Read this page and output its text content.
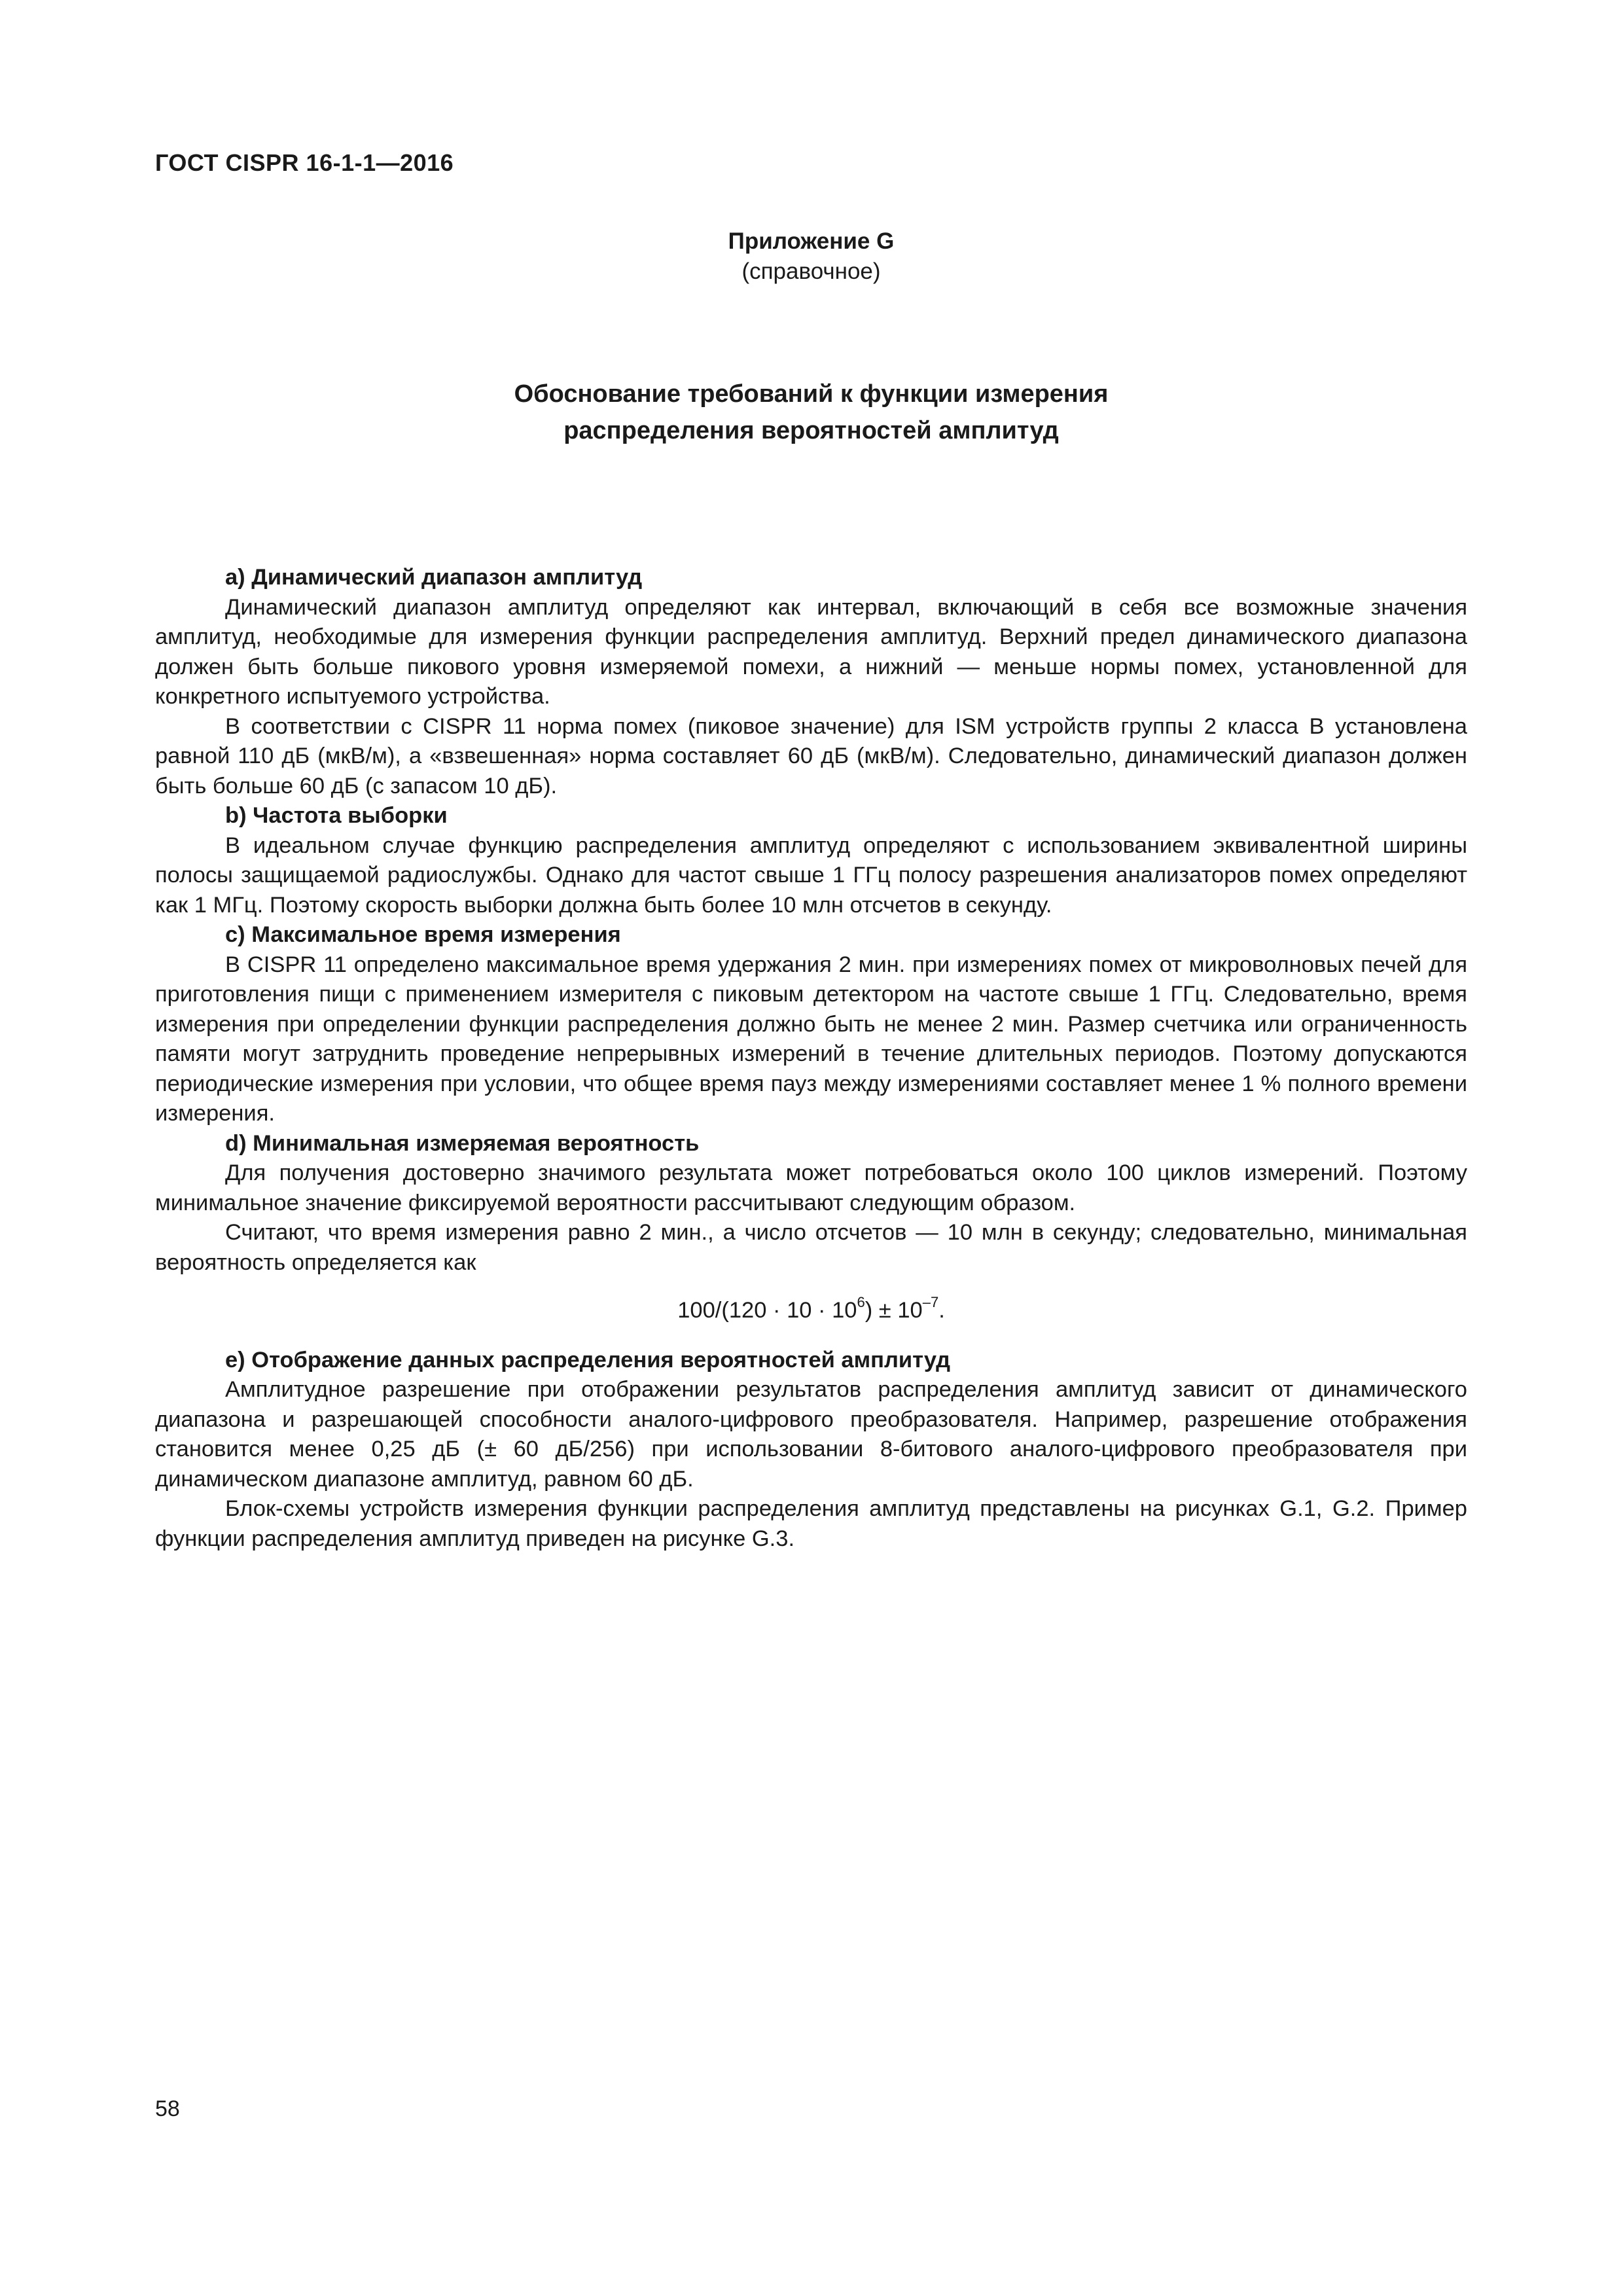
ГОСТ CISPR 16-1-1—2016

Приложение G
(справочное)
Обоснование требований к функции измерения
распределения вероятностей амплитуд
а) Динамический диапазон амплитуд

Динамический диапазон амплитуд определяют как интервал, включающий в себя все возможные значения амплитуд, необходимые для измерения функции распределения амплитуд. Верхний предел динамического диапазона должен быть больше пикового уровня измеряемой помехи, а нижний — меньше нормы помех, установленной для конкретного испытуемого устройства.

В соответствии с CISPR 11 норма помех (пиковое значение) для ISM устройств группы 2 класса В установлена равной 110 дБ (мкВ/м), а «взвешенная» норма составляет 60 дБ (мкВ/м). Следовательно, динамический диапазон должен быть больше 60 дБ (с запасом 10 дБ).

b) Частота выборки

В идеальном случае функцию распределения амплитуд определяют с использованием эквивалентной ширины полосы защищаемой радиослужбы. Однако для частот свыше 1 ГГц полосу разрешения анализаторов помех определяют как 1 МГц. Поэтому скорость выборки должна быть более 10 млн отсчетов в секунду.

с) Максимальное время измерения

В CISPR 11 определено максимальное время удержания 2 мин. при измерениях помех от микроволновых печей для приготовления пищи с применением измерителя с пиковым детектором на частоте свыше 1 ГГц. Следовательно, время измерения при определении функции распределения должно быть не менее 2 мин. Размер счетчика или ограниченность памяти могут затруднить проведение непрерывных измерений в течение длительных периодов. Поэтому допускаются периодические измерения при условии, что общее время пауз между измерениями составляет менее 1 % полного времени измерения.

d) Минимальная измеряемая вероятность

Для получения достоверно значимого результата может потребоваться около 100 циклов измерений. Поэтому минимальное значение фиксируемой вероятности рассчитывают следующим образом.

Считают, что время измерения равно 2 мин., а число отсчетов — 10 млн в секунду; следовательно, минимальная вероятность определяется как

$100/(120 \cdot 10 \cdot 10^6) \pm 10^{-7}$.
е) Отображение данных распределения вероятностей амплитуд

Амплитудное разрешение при отображении результатов распределения амплитуд зависит от динамического диапазона и разрешающей способности аналого-цифрового преобразователя. Например, разрешение отображения становится менее 0,25 дБ (± 60 дБ/256) при использовании 8-битового аналого-цифрового преобразователя при динамическом диапазоне амплитуд, равном 60 дБ.

Блок-схемы устройств измерения функции распределения амплитуд представлены на рисунках G.1, G.2. Пример функции распределения амплитуд приведен на рисунке G.3.

58
